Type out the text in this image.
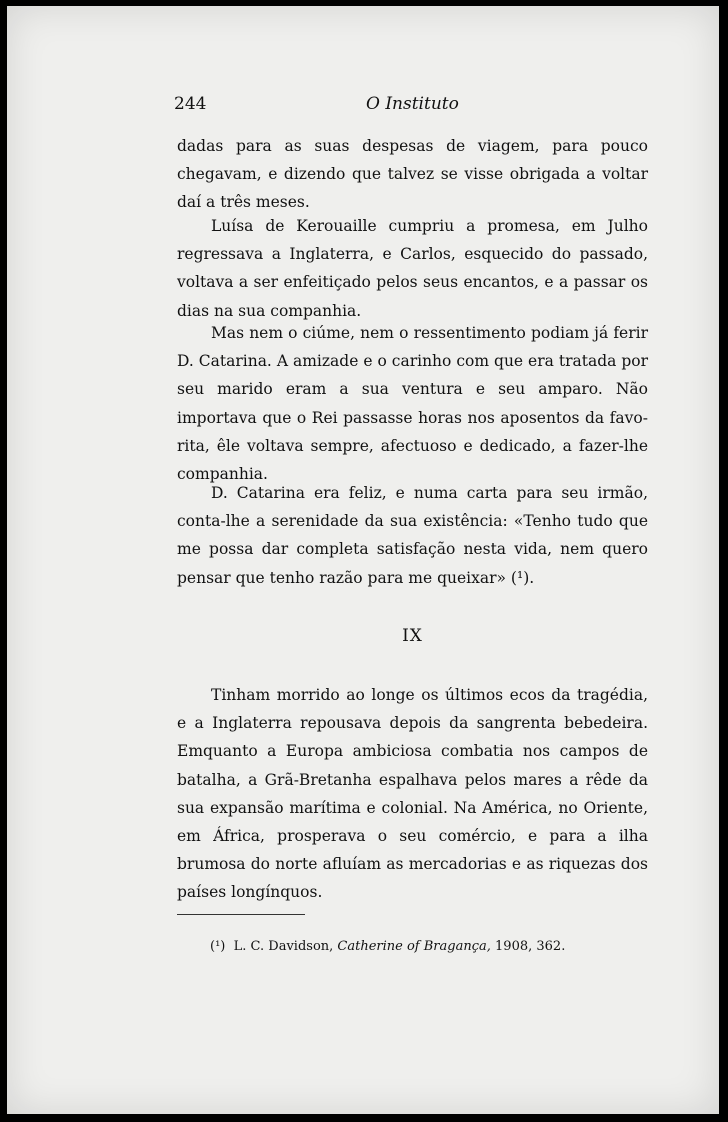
244	O Instituto

dadas para as suas despesas de viagem, para pouco chegavam, e dizendo que talvez se visse obrigada a voltar daí a três meses.

Luísa de Kerouaille cumpriu a promesa, em Julho regressava a Inglaterra, e Carlos, esquecido do passado, voltava a ser enfeitiçado pelos seus encantos, e a passar os dias na sua companhia.

Mas nem o ciúme, nem o ressentimento podiam já ferir D. Catarina. A amizade e o carinho com que era tratada por seu marido eram a sua ventura e seu amparo. Não importava que o Rei passasse horas nos aposentos da favorita, êle voltava sempre, afectuoso e dedicado, a fazer-lhe companhia.

D. Catarina era feliz, e numa carta para seu irmão, conta-lhe a serenidade da sua existência: «Tenho tudo que me possa dar completa satisfação nesta vida, nem quero pensar que tenho razão para me queixar» (¹).

IX

Tinham morrido ao longe os últimos ecos da tragédia, e a Inglaterra repousava depois da sangrenta bebedeira. Emquanto a Europa ambiciosa combatia nos campos de batalha, a Grã-Bretanha espalhava pelos mares a rêde da sua expansão marítima e colonial. Na América, no Oriente, em África, prosperava o seu comércio, e para a ilha brumosa do norte afluíam as mercadorias e as riquezas dos países longínquos.

(¹) L. C. Davidson, Catherine of Bragança, 1908, 362.
